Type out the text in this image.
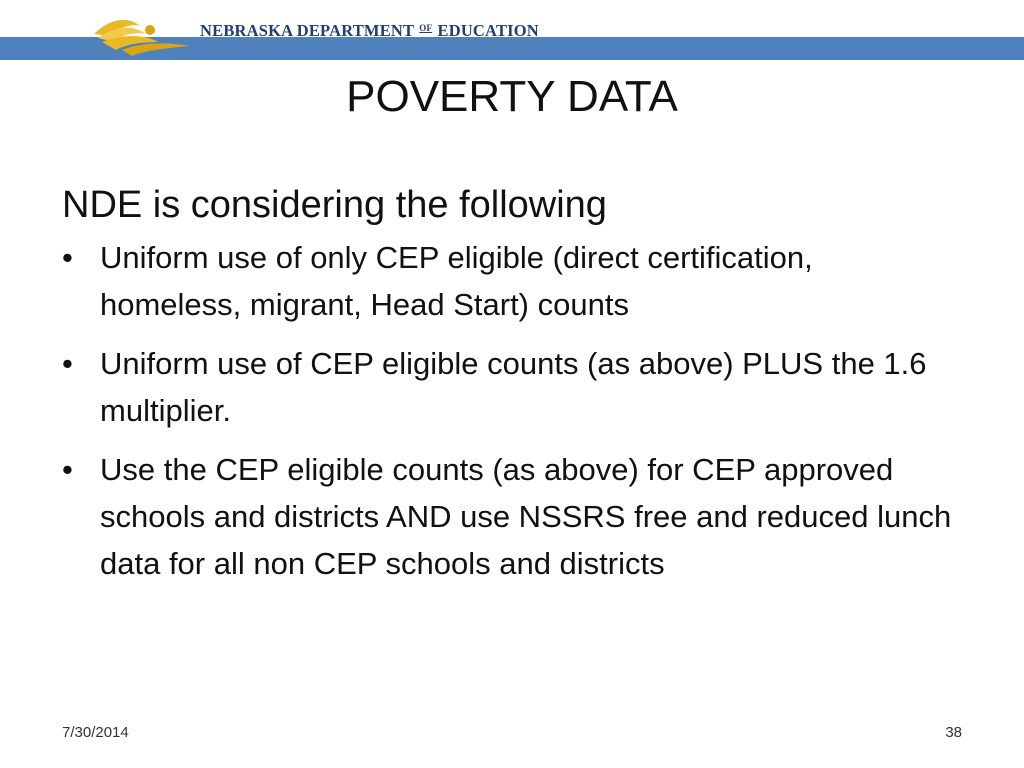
NEBRASKA DEPARTMENT $^{OF}$ EDUCATION
POVERTY DATA

NDE is considering the following

• Uniform use of only CEP eligible (direct certification, homeless, migrant, Head Start) counts
• Uniform use of CEP eligible counts (as above) PLUS the 1.6 multiplier.
• Use the CEP eligible counts (as above) for CEP approved schools and districts AND use NSSRS free and reduced lunch data for all non CEP schools and districts
7/30/2014	38
